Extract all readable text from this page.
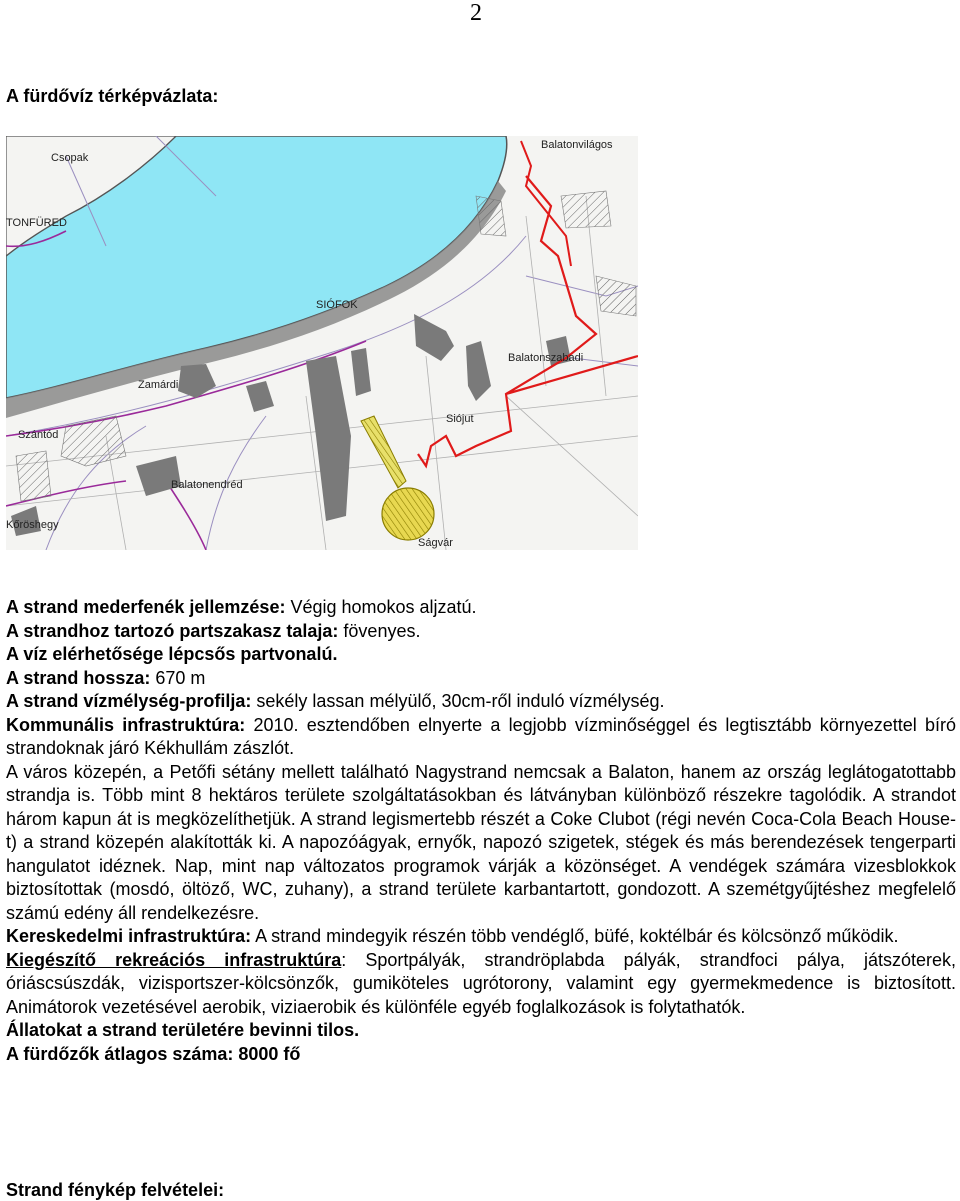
2
A fürdővíz térképvázlata:
Csopak
TONFÜRED
SIÓFOK
Balatonvilágos
Balatonszabadi
Zamárdi
Szántód
Siójut
Balatonendréd
Kőröshegy
Ságvár

A strand mederfenék jellemzése: Végig homokos aljzatú.

A strandhoz tartozó partszakasz talaja: fövenyes.

A víz elérhetősége lépcsős partvonalú.

A strand hossza: 670 m

A strand vízmélység-profilja: sekély lassan mélyülő, 30cm-ről induló vízmélység.

Kommunális infrastruktúra: 2010. esztendőben elnyerte a legjobb vízminőséggel és legtisztább környezettel bíró strandoknak járó Kékhullám zászlót.

A város közepén, a Petőfi sétány mellett található Nagystrand nemcsak a Balaton, hanem az ország leglátogatottabb strandja is. Több mint 8 hektáros területe szolgáltatásokban és látványban különböző részekre tagolódik. A strandot három kapun át is megközelíthetjük. A strand legismertebb részét a Coke Clubot (régi nevén Coca-Cola Beach House-t) a strand közepén alakították ki. A napozóágyak, ernyők, napozó szigetek, stégek és más berendezések tengerparti hangulatot idéznek. Nap, mint nap változatos programok várják a közönséget. A vendégek számára vizesblokkok biztosítottak (mosdó, öltöző, WC, zuhany), a strand területe karbantartott, gondozott. A szemétgyűjtéshez megfelelő számú edény áll rendelkezésre.

Kereskedelmi infrastruktúra: A strand mindegyik részén több vendéglő, büfé, koktélbár és kölcsönző működik.

Kiegészítő rekreációs infrastruktúra: Sportpályák, strandröplabda pályák, strandfoci pálya, játszóterek, óriáscsúszdák, vizisportszer-kölcsönzők, gumiköteles ugrótorony, valamint egy gyermekmedence is biztosított. Animátorok vezetésével aerobik, viziaerobik és különféle egyéb foglalkozások is folytathatók.

Állatokat a strand területére bevinni tilos.

A fürdőzők átlagos száma: 8000 fő

Strand fénykép felvételei:
